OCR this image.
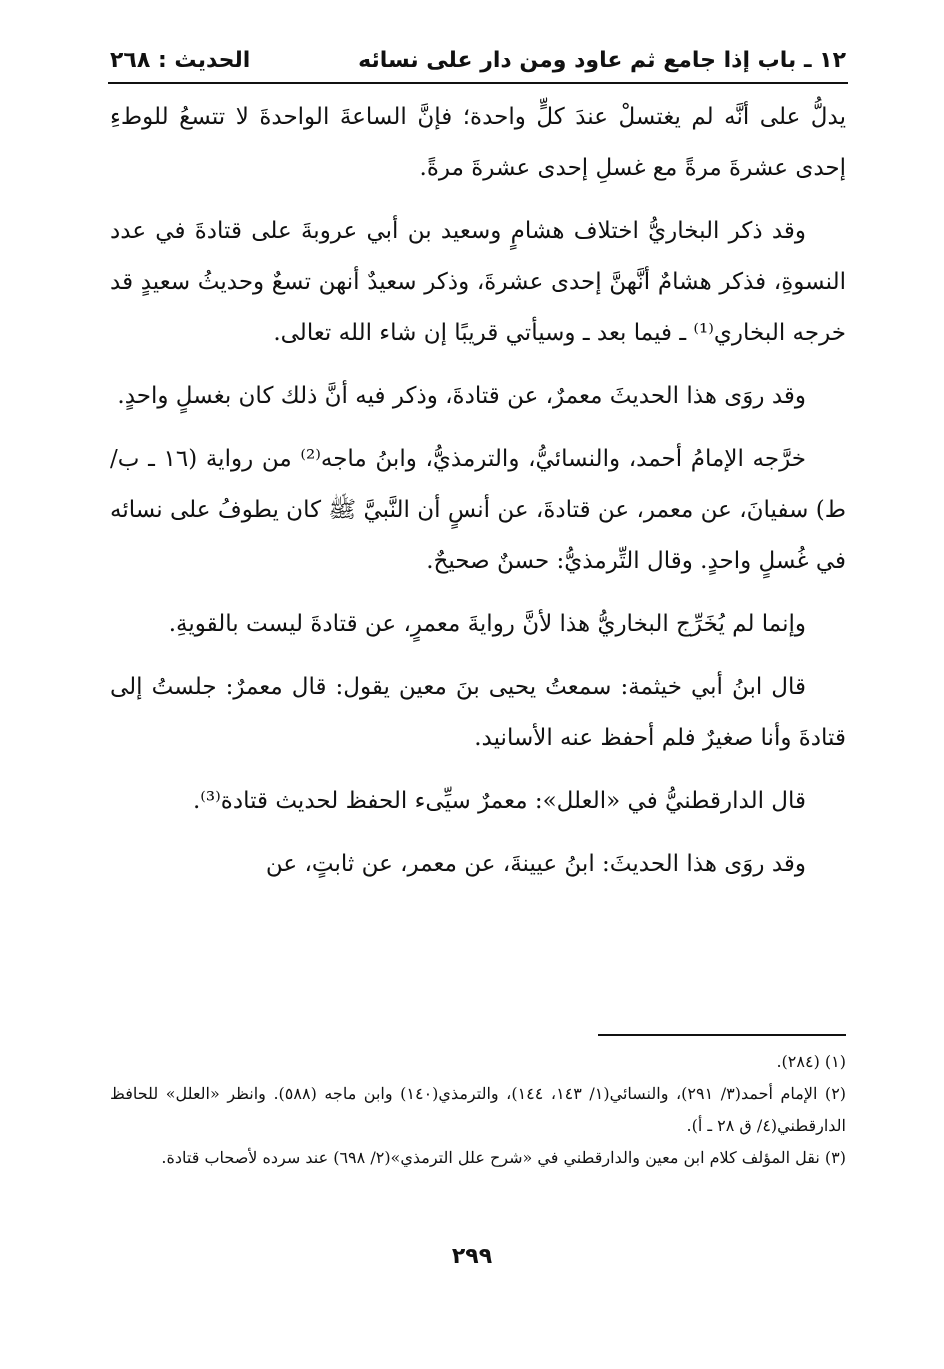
١٢ ـ باب إذا جامع ثم عاود ومن دار على نسائه
الحديث : ٢٦٨

يدلُّ على أنَّه لم يغتسلْ عندَ كلٍّ واحدة؛ فإنَّ الساعةَ الواحدةَ لا تتسعُ للوطءِ إحدى عشرةَ مرةً مع غسلِ إحدى عشرةَ مرةً.

وقد ذكر البخاريُّ اختلاف هشامٍ وسعيد بن أبي عروبةَ على قتادةَ في عدد النسوةِ، فذكر هشامٌ أنَّهنَّ إحدى عشرةَ، وذكر سعيدٌ أنهن تسعٌ وحديثُ سعيدٍ قد خرجه البخاري⁽¹⁾ ـ فيما بعد ـ وسيأتي قريبًا إن شاء الله تعالى.

وقد روَى هذا الحديثَ معمرٌ، عن قتادةَ، وذكر فيه أنَّ ذلك كان بغسلٍ واحدٍ.

خرَّجه الإمامُ أحمد، والنسائيُّ، والترمذيُّ، وابنُ ماجه⁽²⁾ من رواية (١٦ ـ ب/ ط) سفيانَ، عن معمر، عن قتادةَ، عن أنسٍ أن النَّبيَّ ﷺ كان يطوفُ على نسائه في غُسلٍ واحدٍ. وقال التِّرمذيُّ: حسنٌ صحيحٌ.

وإنما لم يُخَرِّج البخاريُّ هذا لأنَّ روايةَ معمرٍ، عن قتادةَ ليست بالقويةِ.

قال ابنُ أبي خيثمة: سمعتُ يحيى بنَ معين يقول: قال معمرٌ: جلستُ إلى قتادةَ وأنا صغيرٌ فلم أحفظ عنه الأسانيد.

قال الدارقطنيُّ في «العلل»: معمرٌ سيِّىء الحفظ لحديث قتادة⁽³⁾.

وقد روَى هذا الحديثَ: ابنُ عيينةَ، عن معمر، عن ثابتٍ، عن

(١) (٢٨٤).

(٢) الإمام أحمد(٣/ ٢٩١)، والنسائي(١/ ١٤٣، ١٤٤)، والترمذي(١٤٠) وابن ماجه (٥٨٨). وانظر «العلل» للحافظ الدارقطني(٤/ ق ٢٨ ـ أ).

(٣) نقل المؤلف كلام ابن معين والدارقطني في «شرح علل الترمذي»(٢/ ٦٩٨) عند سرده لأصحاب قتادة.

٢٩٩
